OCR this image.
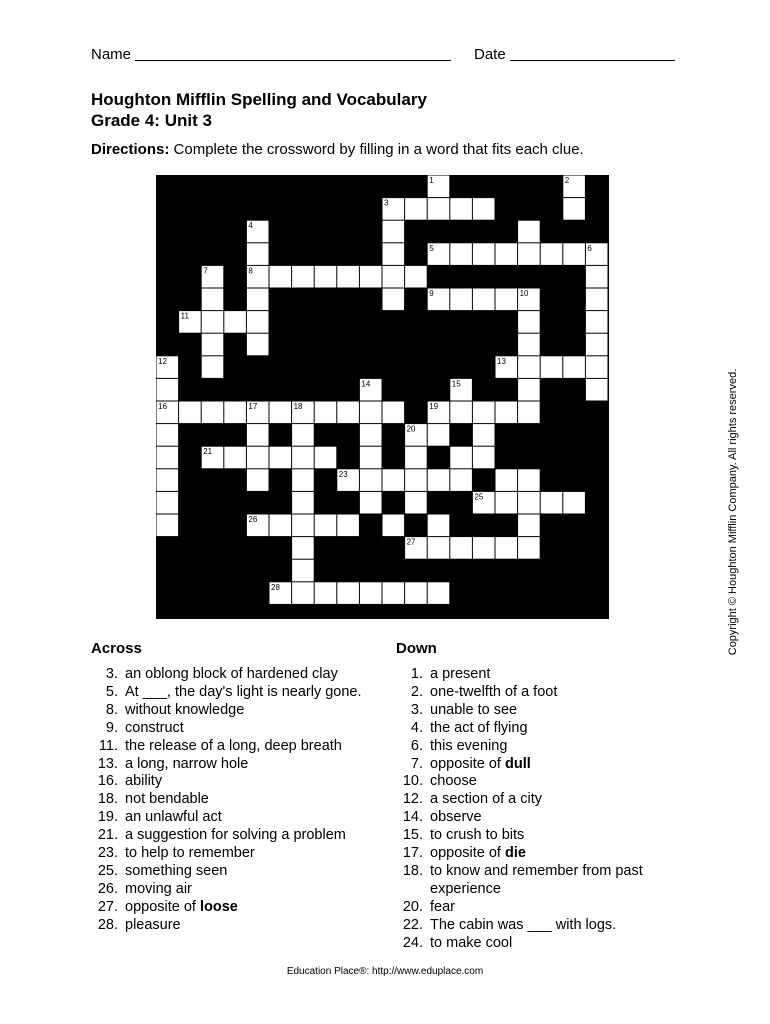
Name	Date
Houghton Mifflin Spelling and Vocabulary
Grade 4: Unit 3
Directions: Complete the crossword by filling in a word that fits each clue.
1	2
3
4
5	6
7	8
9	10
11
12	13
14	15
16	17	18	19
20
21	22
23	24
25
26
27
28
Across
3. an oblong block of hardened clay
5. At ___, the day's light is nearly gone.
8. without knowledge
9. construct
11. the release of a long, deep breath
13. a long, narrow hole
16. ability
18. not bendable
19. an unlawful act
21. a suggestion for solving a problem
23. to help to remember
25. something seen
26. moving air
27. opposite of loose
28. pleasure
Down
1. a present
2. one-twelfth of a foot
3. unable to see
4. the act of flying
6. this evening
7. opposite of dull
10. choose
12. a section of a city
14. observe
15. to crush to bits
17. opposite of die
18. to know and remember from past experience
20. fear
22. The cabin was ___ with logs.
24. to make cool
Copyright © Houghton Mifflin Company. All rights reserved.
Education Place®: http://www.eduplace.com
